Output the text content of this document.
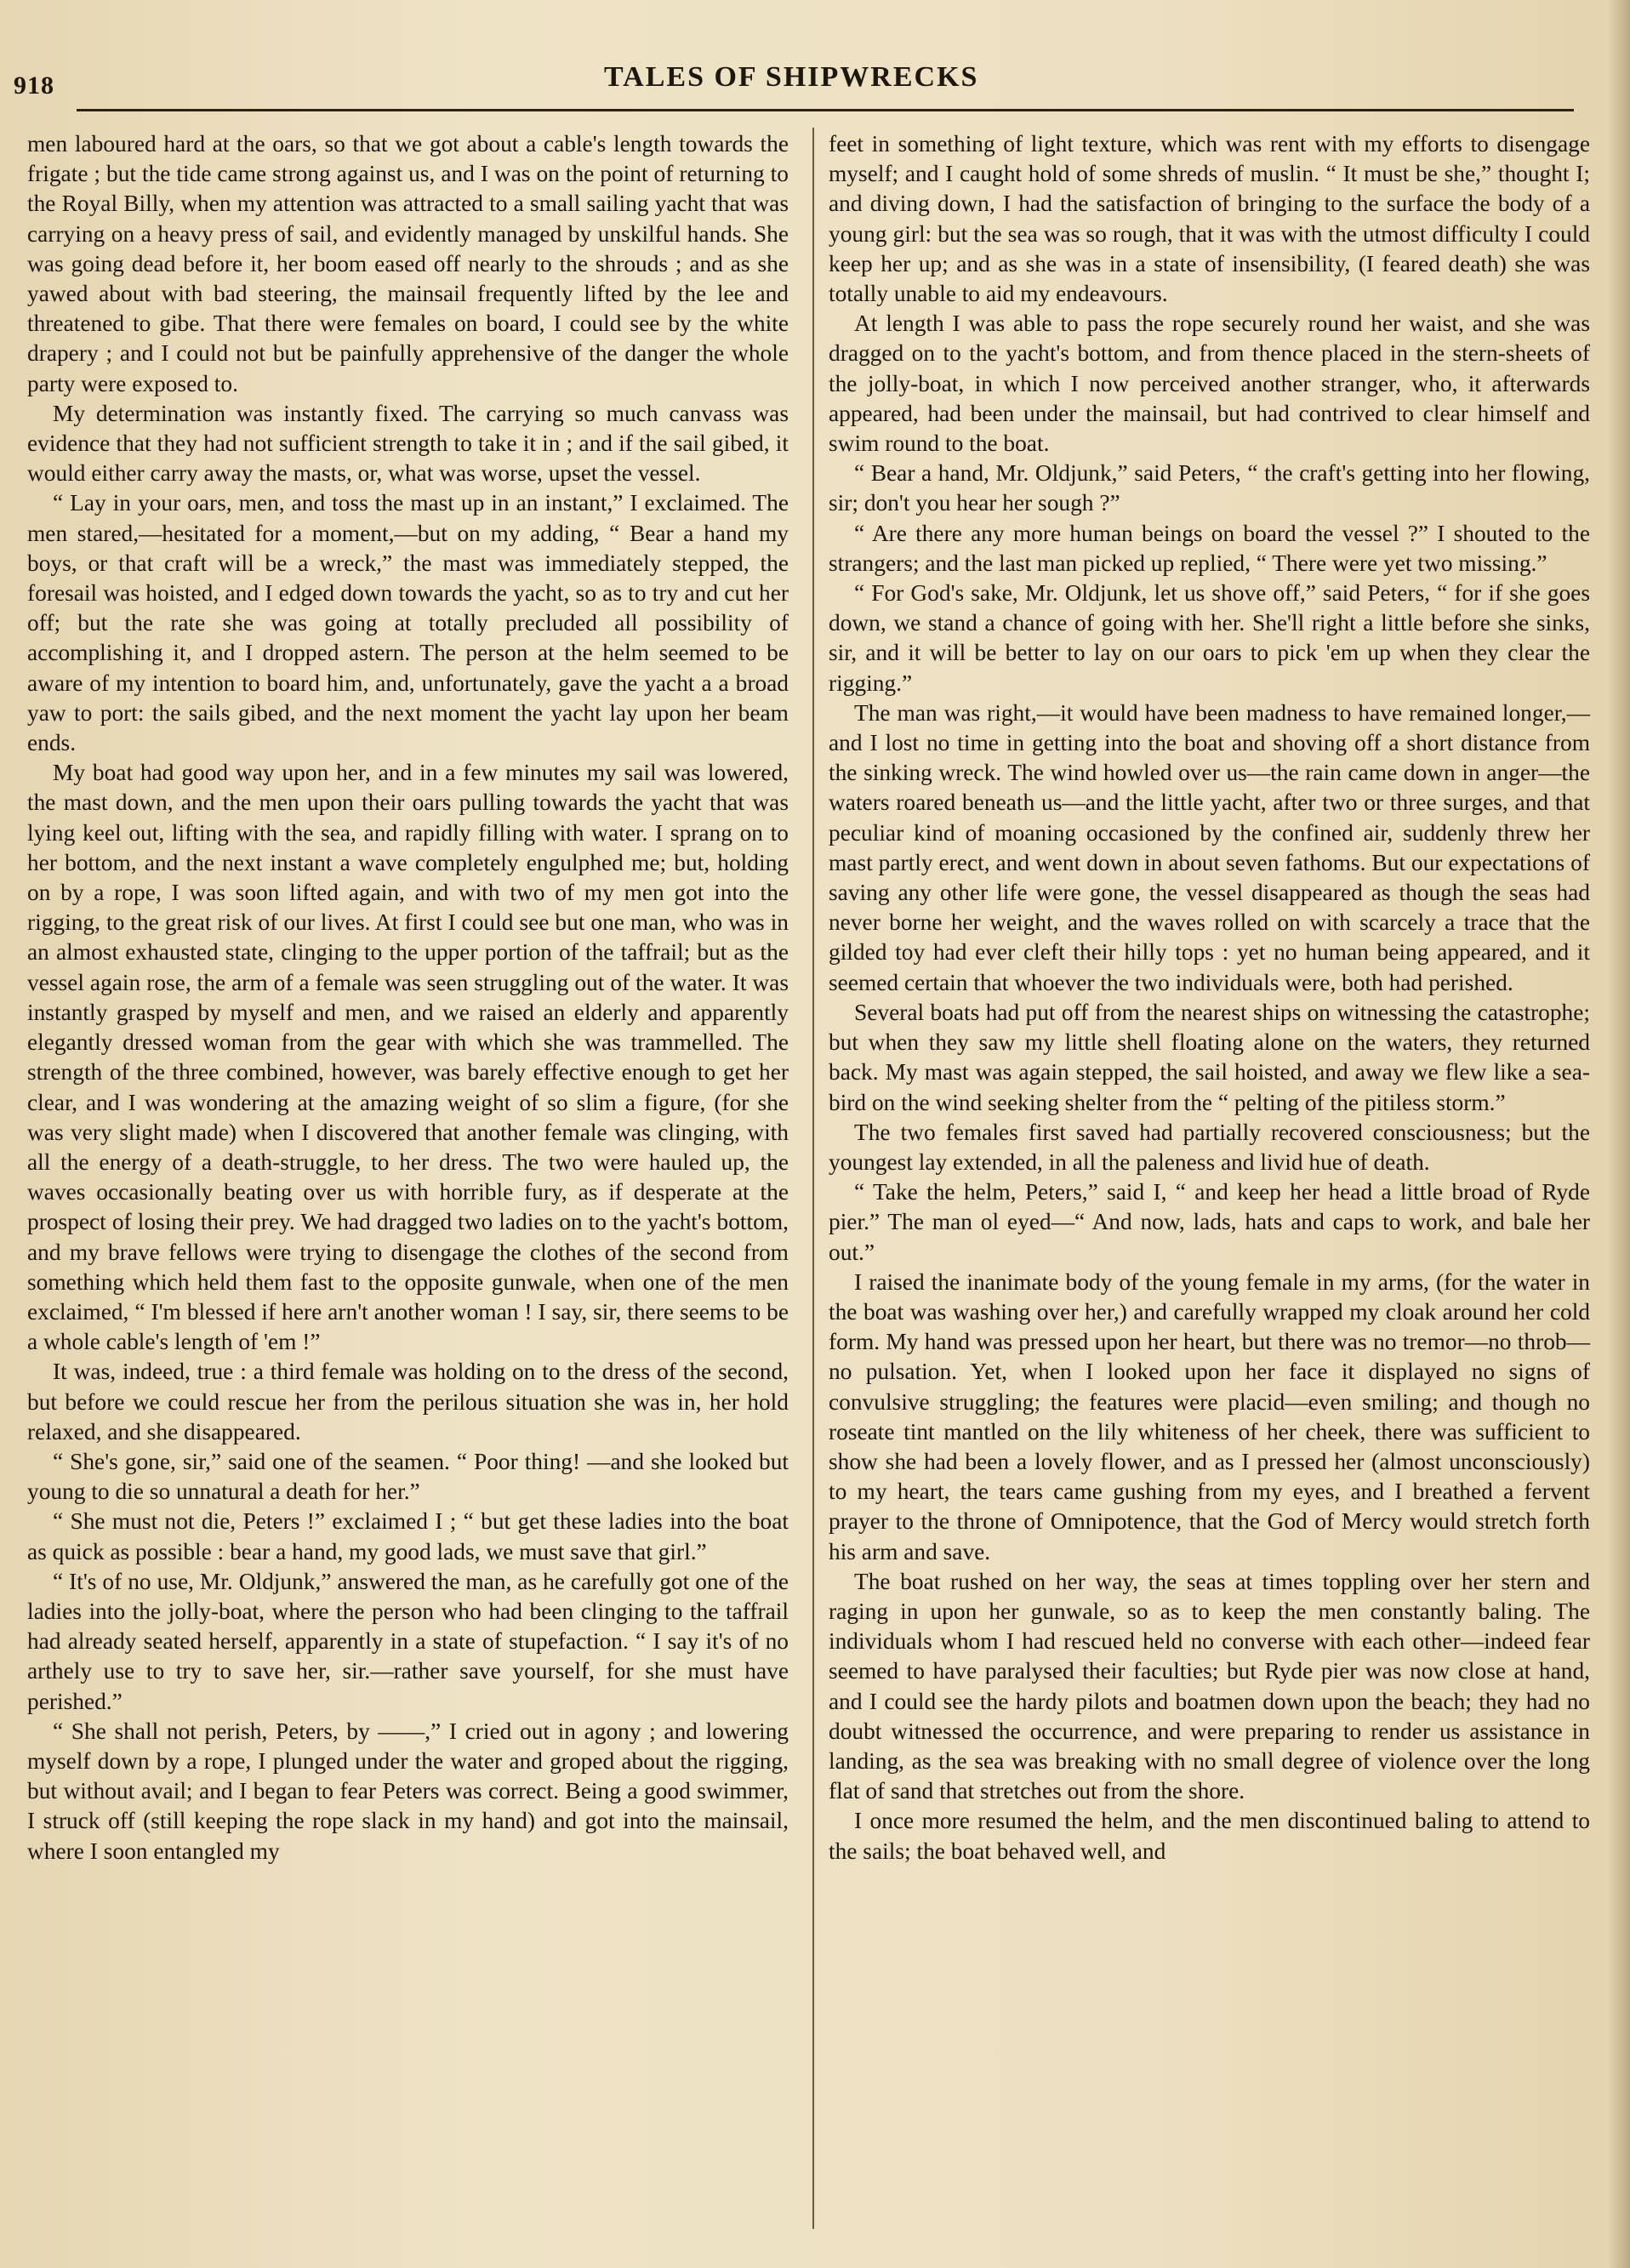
918	TALES OF SHIPWRECKS

men laboured hard at the oars, so that we got about a cable's length towards the frigate ; but the tide came strong against us, and I was on the point of returning to the Royal Billy, when my attention was attracted to a small sailing yacht that was carrying on a heavy press of sail, and evidently managed by unskilful hands. She was going dead before it, her boom eased off nearly to the shrouds ; and as she yawed about with bad steering, the mainsail frequently lifted by the lee and threatened to gibe. That there were females on board, I could see by the white drapery ; and I could not but be painfully apprehensive of the danger the whole party were exposed to.

My determination was instantly fixed. The carrying so much canvass was evidence that they had not sufficient strength to take it in ; and if the sail gibed, it would either carry away the masts, or, what was worse, upset the vessel.

“ Lay in your oars, men, and toss the mast up in an instant,” I exclaimed. The men stared,—hesitated for a moment,—but on my adding, “ Bear a hand my boys, or that craft will be a wreck,” the mast was immediately stepped, the foresail was hoisted, and I edged down towards the yacht, so as to try and cut her off; but the rate she was going at totally precluded all possibility of accomplishing it, and I dropped astern. The person at the helm seemed to be aware of my intention to board him, and, unfortunately, gave the yacht a a broad yaw to port: the sails gibed, and the next moment the yacht lay upon her beam ends.

My boat had good way upon her, and in a few minutes my sail was lowered, the mast down, and the men upon their oars pulling towards the yacht that was lying keel out, lifting with the sea, and rapidly filling with water. I sprang on to her bottom, and the next instant a wave completely engulphed me; but, holding on by a rope, I was soon lifted again, and with two of my men got into the rigging, to the great risk of our lives. At first I could see but one man, who was in an almost exhausted state, clinging to the upper portion of the taffrail; but as the vessel again rose, the arm of a female was seen struggling out of the water. It was instantly grasped by myself and men, and we raised an elderly and apparently elegantly dressed woman from the gear with which she was trammelled. The strength of the three combined, however, was barely effective enough to get her clear, and I was wondering at the amazing weight of so slim a figure, (for she was very slight made) when I discovered that another female was clinging, with all the energy of a death-struggle, to her dress. The two were hauled up, the waves occasionally beating over us with horrible fury, as if desperate at the prospect of losing their prey. We had dragged two ladies on to the yacht's bottom, and my brave fellows were trying to disengage the clothes of the second from something which held them fast to the opposite gunwale, when one of the men exclaimed, “ I'm blessed if here arn't another woman ! I say, sir, there seems to be a whole cable's length of 'em !”

It was, indeed, true : a third female was holding on to the dress of the second, but before we could rescue her from the perilous situation she was in, her hold relaxed, and she disappeared.

“ She's gone, sir,” said one of the seamen. “ Poor thing! —and she looked but young to die so unnatural a death for her.”

“ She must not die, Peters !” exclaimed I ; “ but get these ladies into the boat as quick as possible : bear a hand, my good lads, we must save that girl.”

“ It's of no use, Mr. Oldjunk,” answered the man, as he carefully got one of the ladies into the jolly-boat, where the person who had been clinging to the taffrail had already seated herself, apparently in a state of stupefaction. “ I say it's of no arthely use to try to save her, sir.—rather save yourself, for she must have perished.”

“ She shall not perish, Peters, by ——,” I cried out in agony ; and lowering myself down by a rope, I plunged under the water and groped about the rigging, but without avail; and I began to fear Peters was correct. Being a good swimmer, I struck off (still keeping the rope slack in my hand) and got into the mainsail, where I soon entangled my

feet in something of light texture, which was rent with my efforts to disengage myself; and I caught hold of some shreds of muslin. “ It must be she,” thought I; and diving down, I had the satisfaction of bringing to the surface the body of a young girl: but the sea was so rough, that it was with the utmost difficulty I could keep her up; and as she was in a state of insensibility, (I feared death) she was totally unable to aid my endeavours.

At length I was able to pass the rope securely round her waist, and she was dragged on to the yacht's bottom, and from thence placed in the stern-sheets of the jolly-boat, in which I now perceived another stranger, who, it afterwards appeared, had been under the mainsail, but had contrived to clear himself and swim round to the boat.

“ Bear a hand, Mr. Oldjunk,” said Peters, “ the craft's getting into her flowing, sir; don't you hear her sough ?”

“ Are there any more human beings on board the vessel ?” I shouted to the strangers; and the last man picked up replied, “ There were yet two missing.”

“ For God's sake, Mr. Oldjunk, let us shove off,” said Peters, “ for if she goes down, we stand a chance of going with her. She'll right a little before she sinks, sir, and it will be better to lay on our oars to pick 'em up when they clear the rigging.”

The man was right,—it would have been madness to have remained longer,—and I lost no time in getting into the boat and shoving off a short distance from the sinking wreck. The wind howled over us—the rain came down in anger—the waters roared beneath us—and the little yacht, after two or three surges, and that peculiar kind of moaning occasioned by the confined air, suddenly threw her mast partly erect, and went down in about seven fathoms. But our expectations of saving any other life were gone, the vessel disappeared as though the seas had never borne her weight, and the waves rolled on with scarcely a trace that the gilded toy had ever cleft their hilly tops : yet no human being appeared, and it seemed certain that whoever the two individuals were, both had perished.

Several boats had put off from the nearest ships on witnessing the catastrophe; but when they saw my little shell floating alone on the waters, they returned back. My mast was again stepped, the sail hoisted, and away we flew like a sea-bird on the wind seeking shelter from the “ pelting of the pitiless storm.”

The two females first saved had partially recovered consciousness; but the youngest lay extended, in all the paleness and livid hue of death.

“ Take the helm, Peters,” said I, “ and keep her head a little broad of Ryde pier.” The man ol eyed—“ And now, lads, hats and caps to work, and bale her out.”

I raised the inanimate body of the young female in my arms, (for the water in the boat was washing over her,) and carefully wrapped my cloak around her cold form. My hand was pressed upon her heart, but there was no tremor—no throb—no pulsation. Yet, when I looked upon her face it displayed no signs of convulsive struggling; the features were placid—even smiling; and though no roseate tint mantled on the lily whiteness of her cheek, there was sufficient to show she had been a lovely flower, and as I pressed her (almost unconsciously) to my heart, the tears came gushing from my eyes, and I breathed a fervent prayer to the throne of Omnipotence, that the God of Mercy would stretch forth his arm and save.

The boat rushed on her way, the seas at times toppling over her stern and raging in upon her gunwale, so as to keep the men constantly baling. The individuals whom I had rescued held no converse with each other—indeed fear seemed to have paralysed their faculties; but Ryde pier was now close at hand, and I could see the hardy pilots and boatmen down upon the beach; they had no doubt witnessed the occurrence, and were preparing to render us assistance in landing, as the sea was breaking with no small degree of violence over the long flat of sand that stretches out from the shore.

I once more resumed the helm, and the men discontinued baling to attend to the sails; the boat behaved well, and
